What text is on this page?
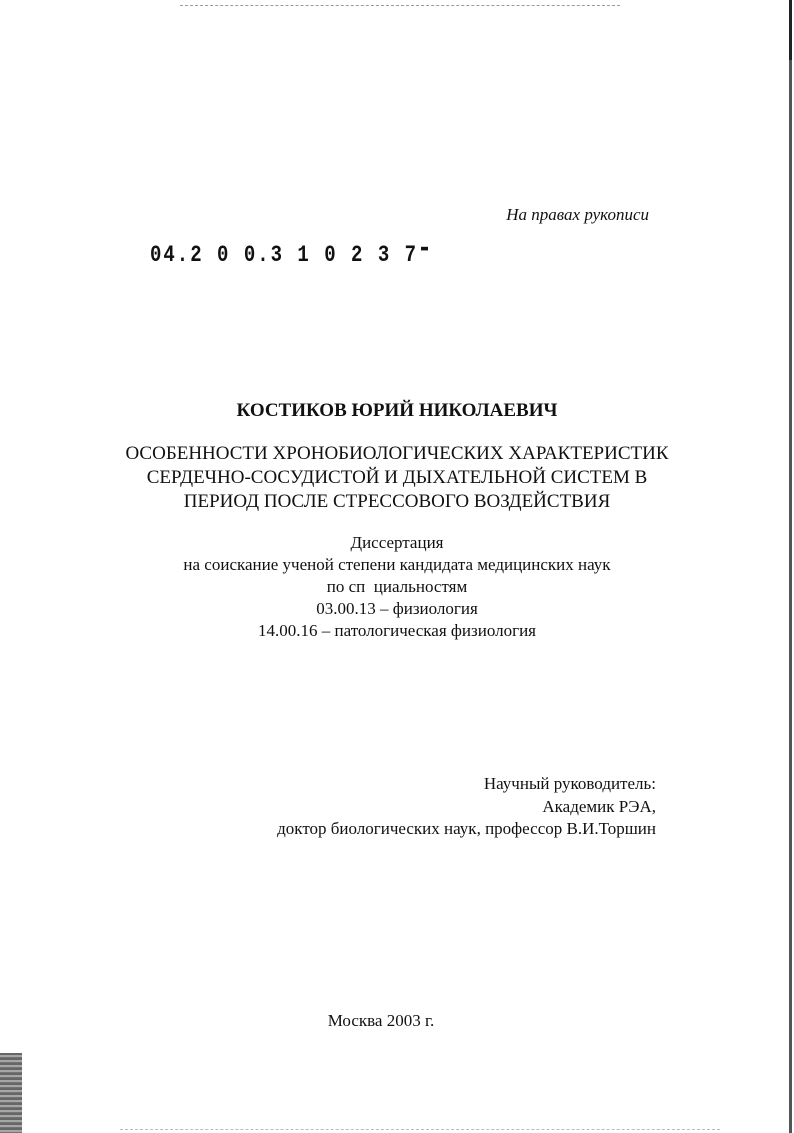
На правах рукописи
04.2 0 0.3 1 0 2 3 7
КОСТИКОВ ЮРИЙ НИКОЛАЕВИЧ
ОСОБЕННОСТИ ХРОНОБИОЛОГИЧЕСКИХ ХАРАКТЕРИСТИК
СЕРДЕЧНО-СОСУДИСТОЙ И ДЫХАТЕЛЬНОЙ СИСТЕМ В
ПЕРИОД ПОСЛЕ СТРЕССОВОГО ВОЗДЕЙСТВИЯ
Диссертация
на соискание ученой степени кандидата медицинских наук
по сп  циальностям
03.00.13 – физиология
14.00.16 – патологическая физиология
Научный руководитель:
Академик РЭА,
доктор биологических наук, профессор В.И.Торшин
Москва 2003 г.
